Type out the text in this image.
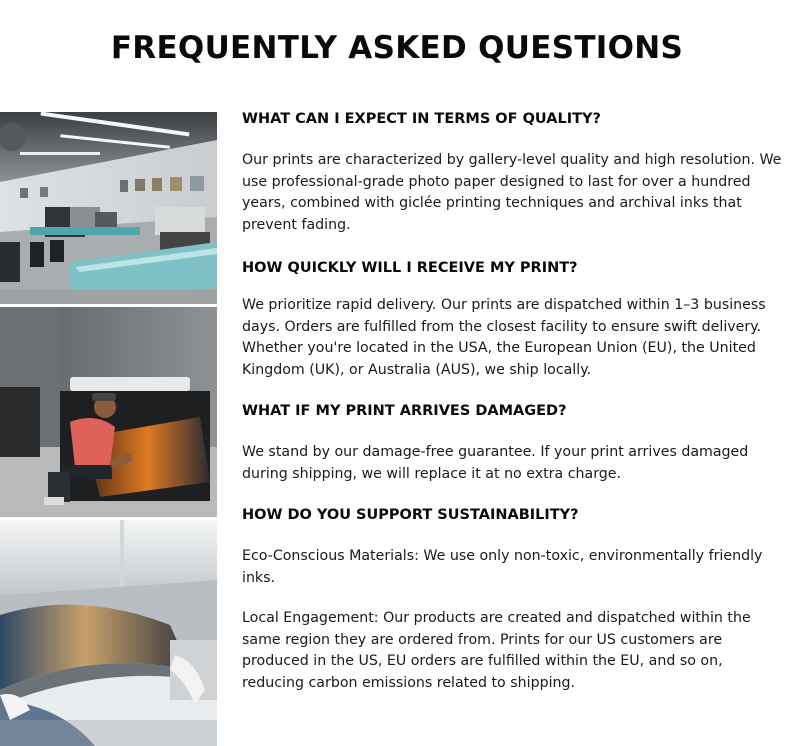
FREQUENTLY ASKED QUESTIONS

WHAT CAN I EXPECT IN TERMS OF QUALITY?

Our prints are characterized by gallery-level quality and high resolution. We use professional-grade photo paper designed to last for over a hundred years, combined with giclée printing techniques and archival inks that prevent fading.

HOW QUICKLY WILL I RECEIVE MY PRINT?

We prioritize rapid delivery. Our prints are dispatched within 1–3 business days. Orders are fulfilled from the closest facility to ensure swift delivery. Whether you're located in the USA, the European Union (EU), the United Kingdom (UK), or Australia (AUS), we ship locally.

WHAT IF MY PRINT ARRIVES DAMAGED?

We stand by our damage-free guarantee. If your print arrives damaged during shipping, we will replace it at no extra charge.

HOW DO YOU SUPPORT SUSTAINABILITY?

Eco-Conscious Materials: We use only non-toxic, environmentally friendly inks.

Local Engagement: Our products are created and dispatched within the same region they are ordered from. Prints for our US customers are produced in the US, EU orders are fulfilled within the EU, and so on, reducing carbon emissions related to shipping.
